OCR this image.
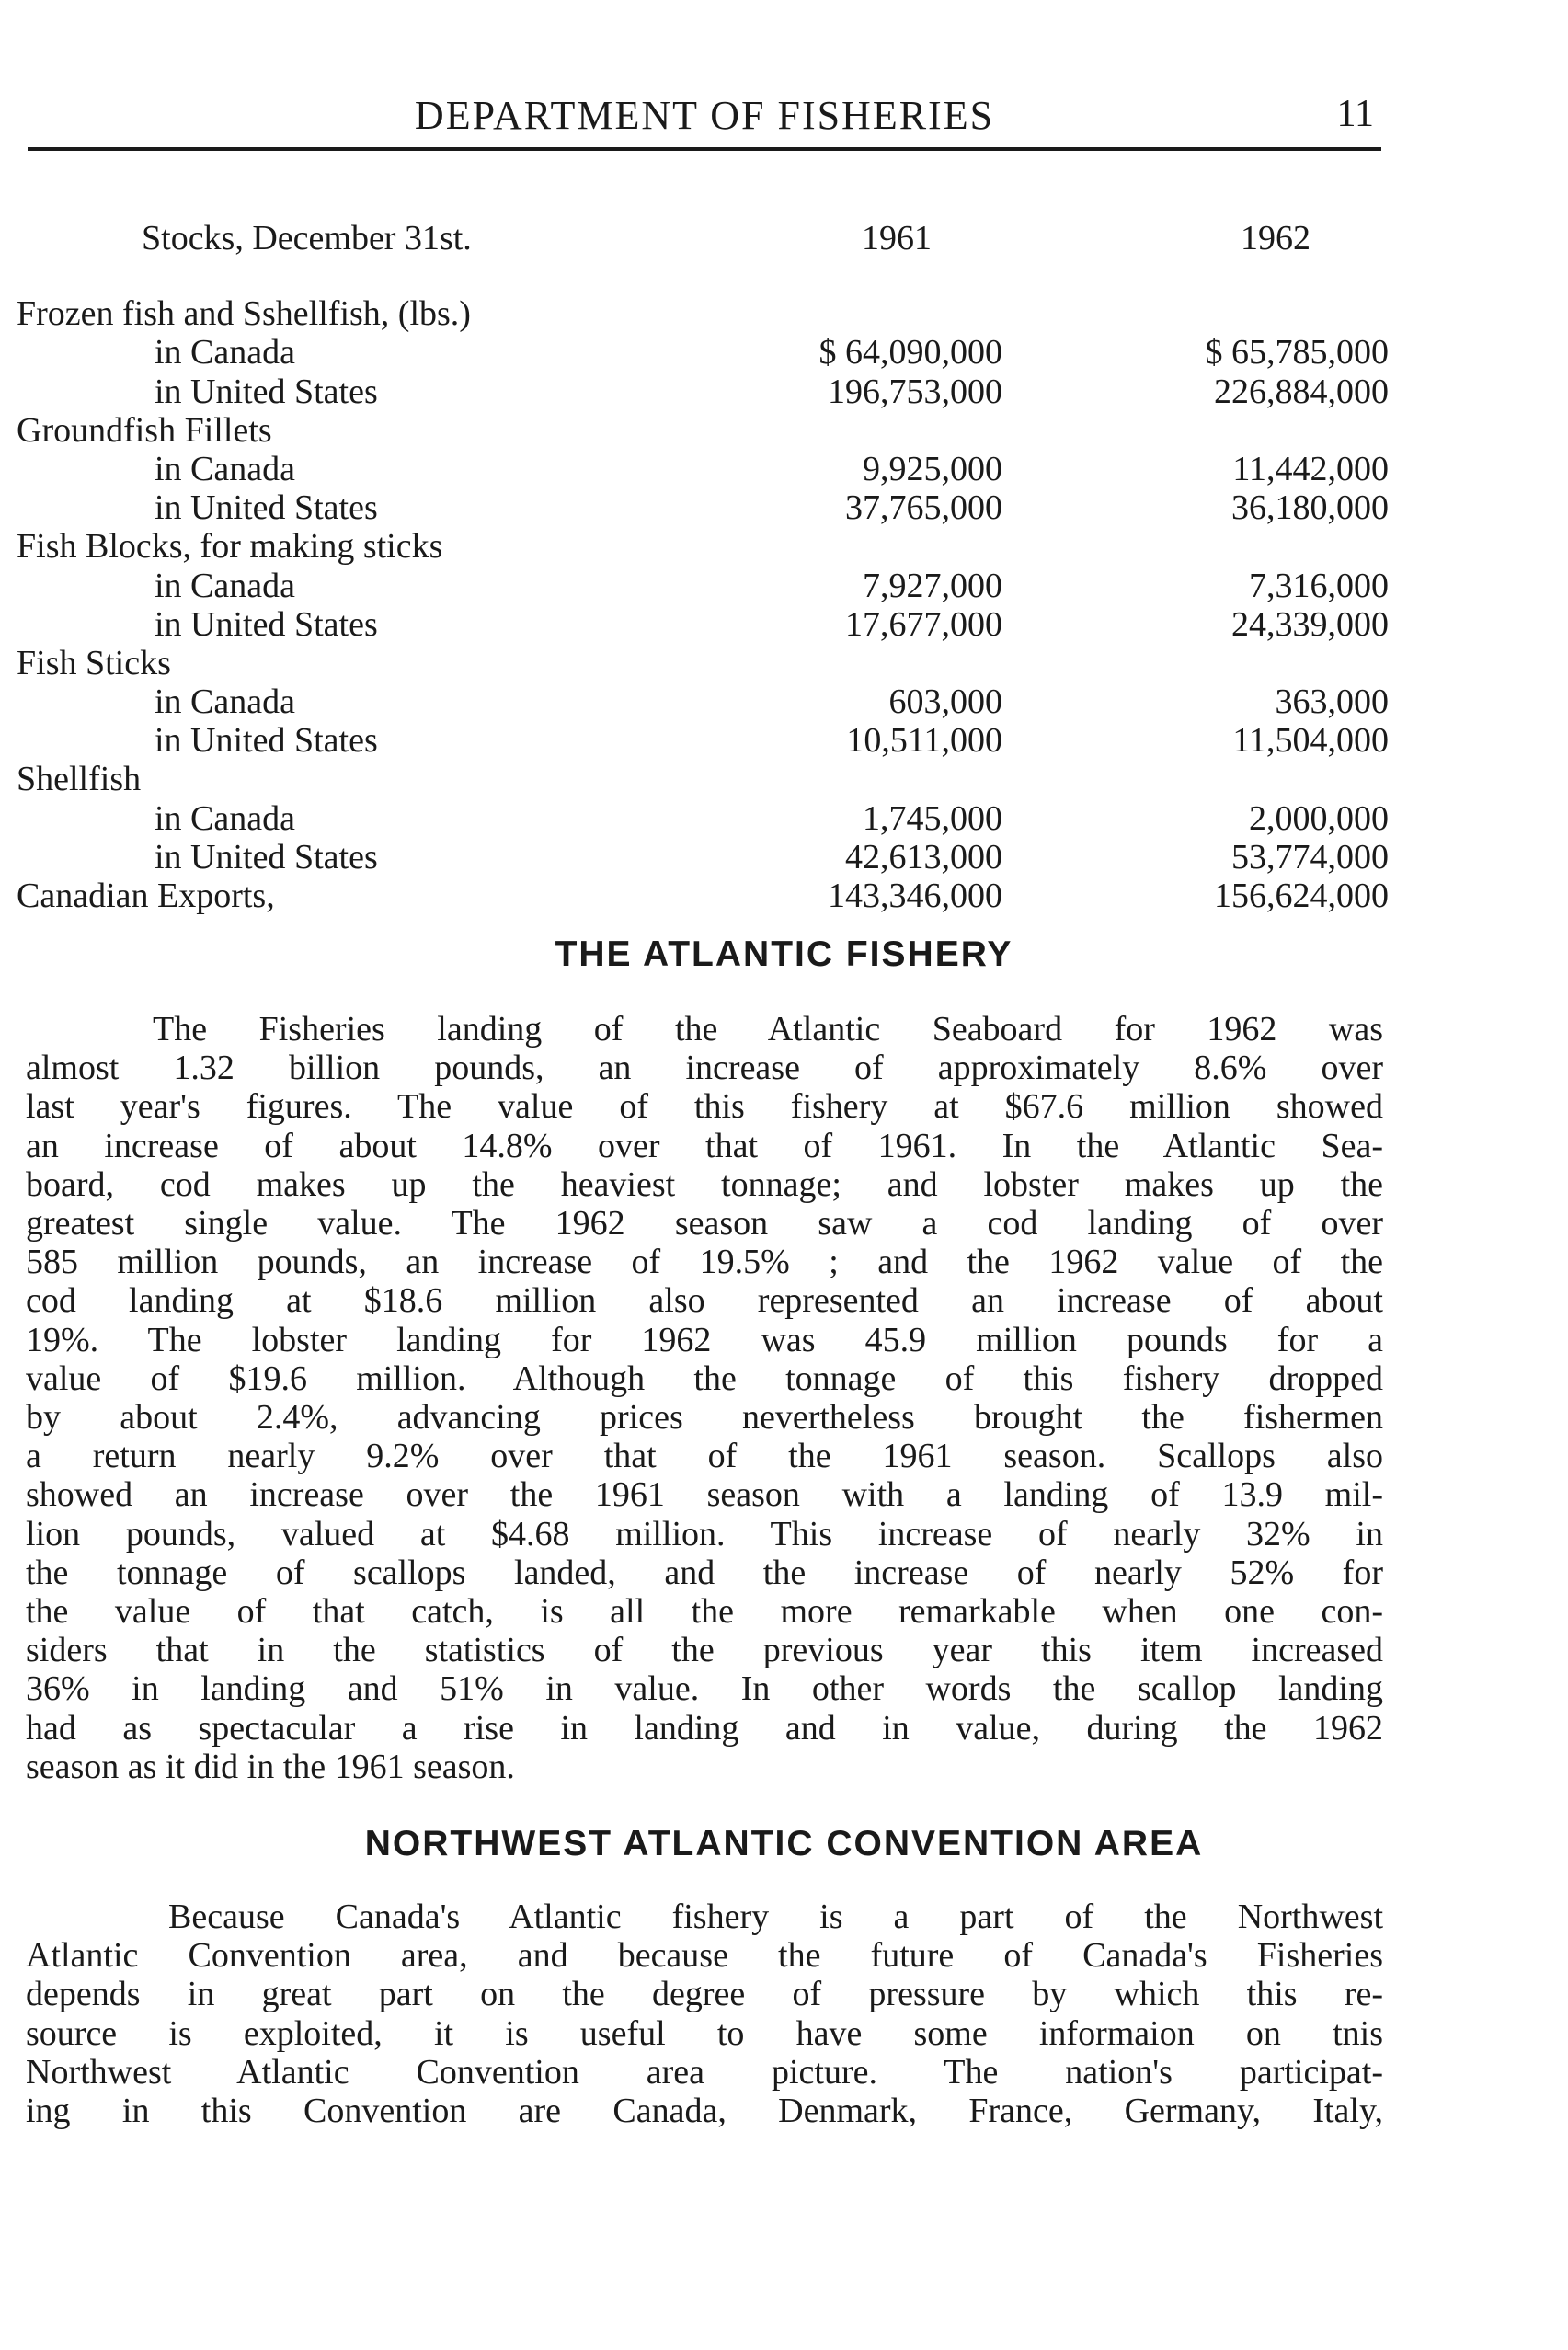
DEPARTMENT OF FISHERIES	11
Stocks, December 31st.	1961	1962
Frozen fish and Sshellfish, (lbs.)
in Canada	$ 64,090,000	$ 65,785,000
in United States	196,753,000	226,884,000
Groundfish Fillets
in Canada	9,925,000	11,442,000
in United States	37,765,000	36,180,000
Fish Blocks, for making sticks
in Canada	7,927,000	7,316,000
in United States	17,677,000	24,339,000
Fish Sticks
in Canada	603,000	363,000
in United States	10,511,000	11,504,000
Shellfish
in Canada	1,745,000	2,000,000
in United States	42,613,000	53,774,000
Canadian Exports,	143,346,000	156,624,000
THE ATLANTIC FISHERY
The Fisheries landing of the Atlantic Seaboard for 1962 was
almost 1.32 billion pounds, an increase of approximately 8.6% over
last year's figures. The value of this fishery at $67.6 million showed
an increase of about 14.8% over that of 1961. In the Atlantic Sea-
board, cod makes up the heaviest tonnage; and lobster makes up the
greatest single value. The 1962 season saw a cod landing of over
585 million pounds, an increase of 19.5% ; and the 1962 value of the
cod landing at $18.6 million also represented an increase of about
19%. The lobster landing for 1962 was 45.9 million pounds for a
value of $19.6 million. Although the tonnage of this fishery dropped
by about 2.4%, advancing prices nevertheless brought the fishermen
a return nearly 9.2% over that of the 1961 season. Scallops also
showed an increase over the 1961 season with a landing of 13.9 mil-
lion pounds, valued at $4.68 million. This increase of nearly 32% in
the tonnage of scallops landed, and the increase of nearly 52% for
the value of that catch, is all the more remarkable when one con-
siders that in the statistics of the previous year this item increased
36% in landing and 51% in value. In other words the scallop landing
had as spectacular a rise in landing and in value, during the 1962
season as it did in the 1961 season.
NORTHWEST ATLANTIC CONVENTION AREA
Because Canada's Atlantic fishery is a part of the Northwest
Atlantic Convention area, and because the future of Canada's Fisheries
depends in great part on the degree of pressure by which this re-
source is exploited, it is useful to have some informaion on tnis
Northwest Atlantic Convention area picture. The nation's participat-
ing in this Convention are Canada, Denmark, France, Germany, Italy,
